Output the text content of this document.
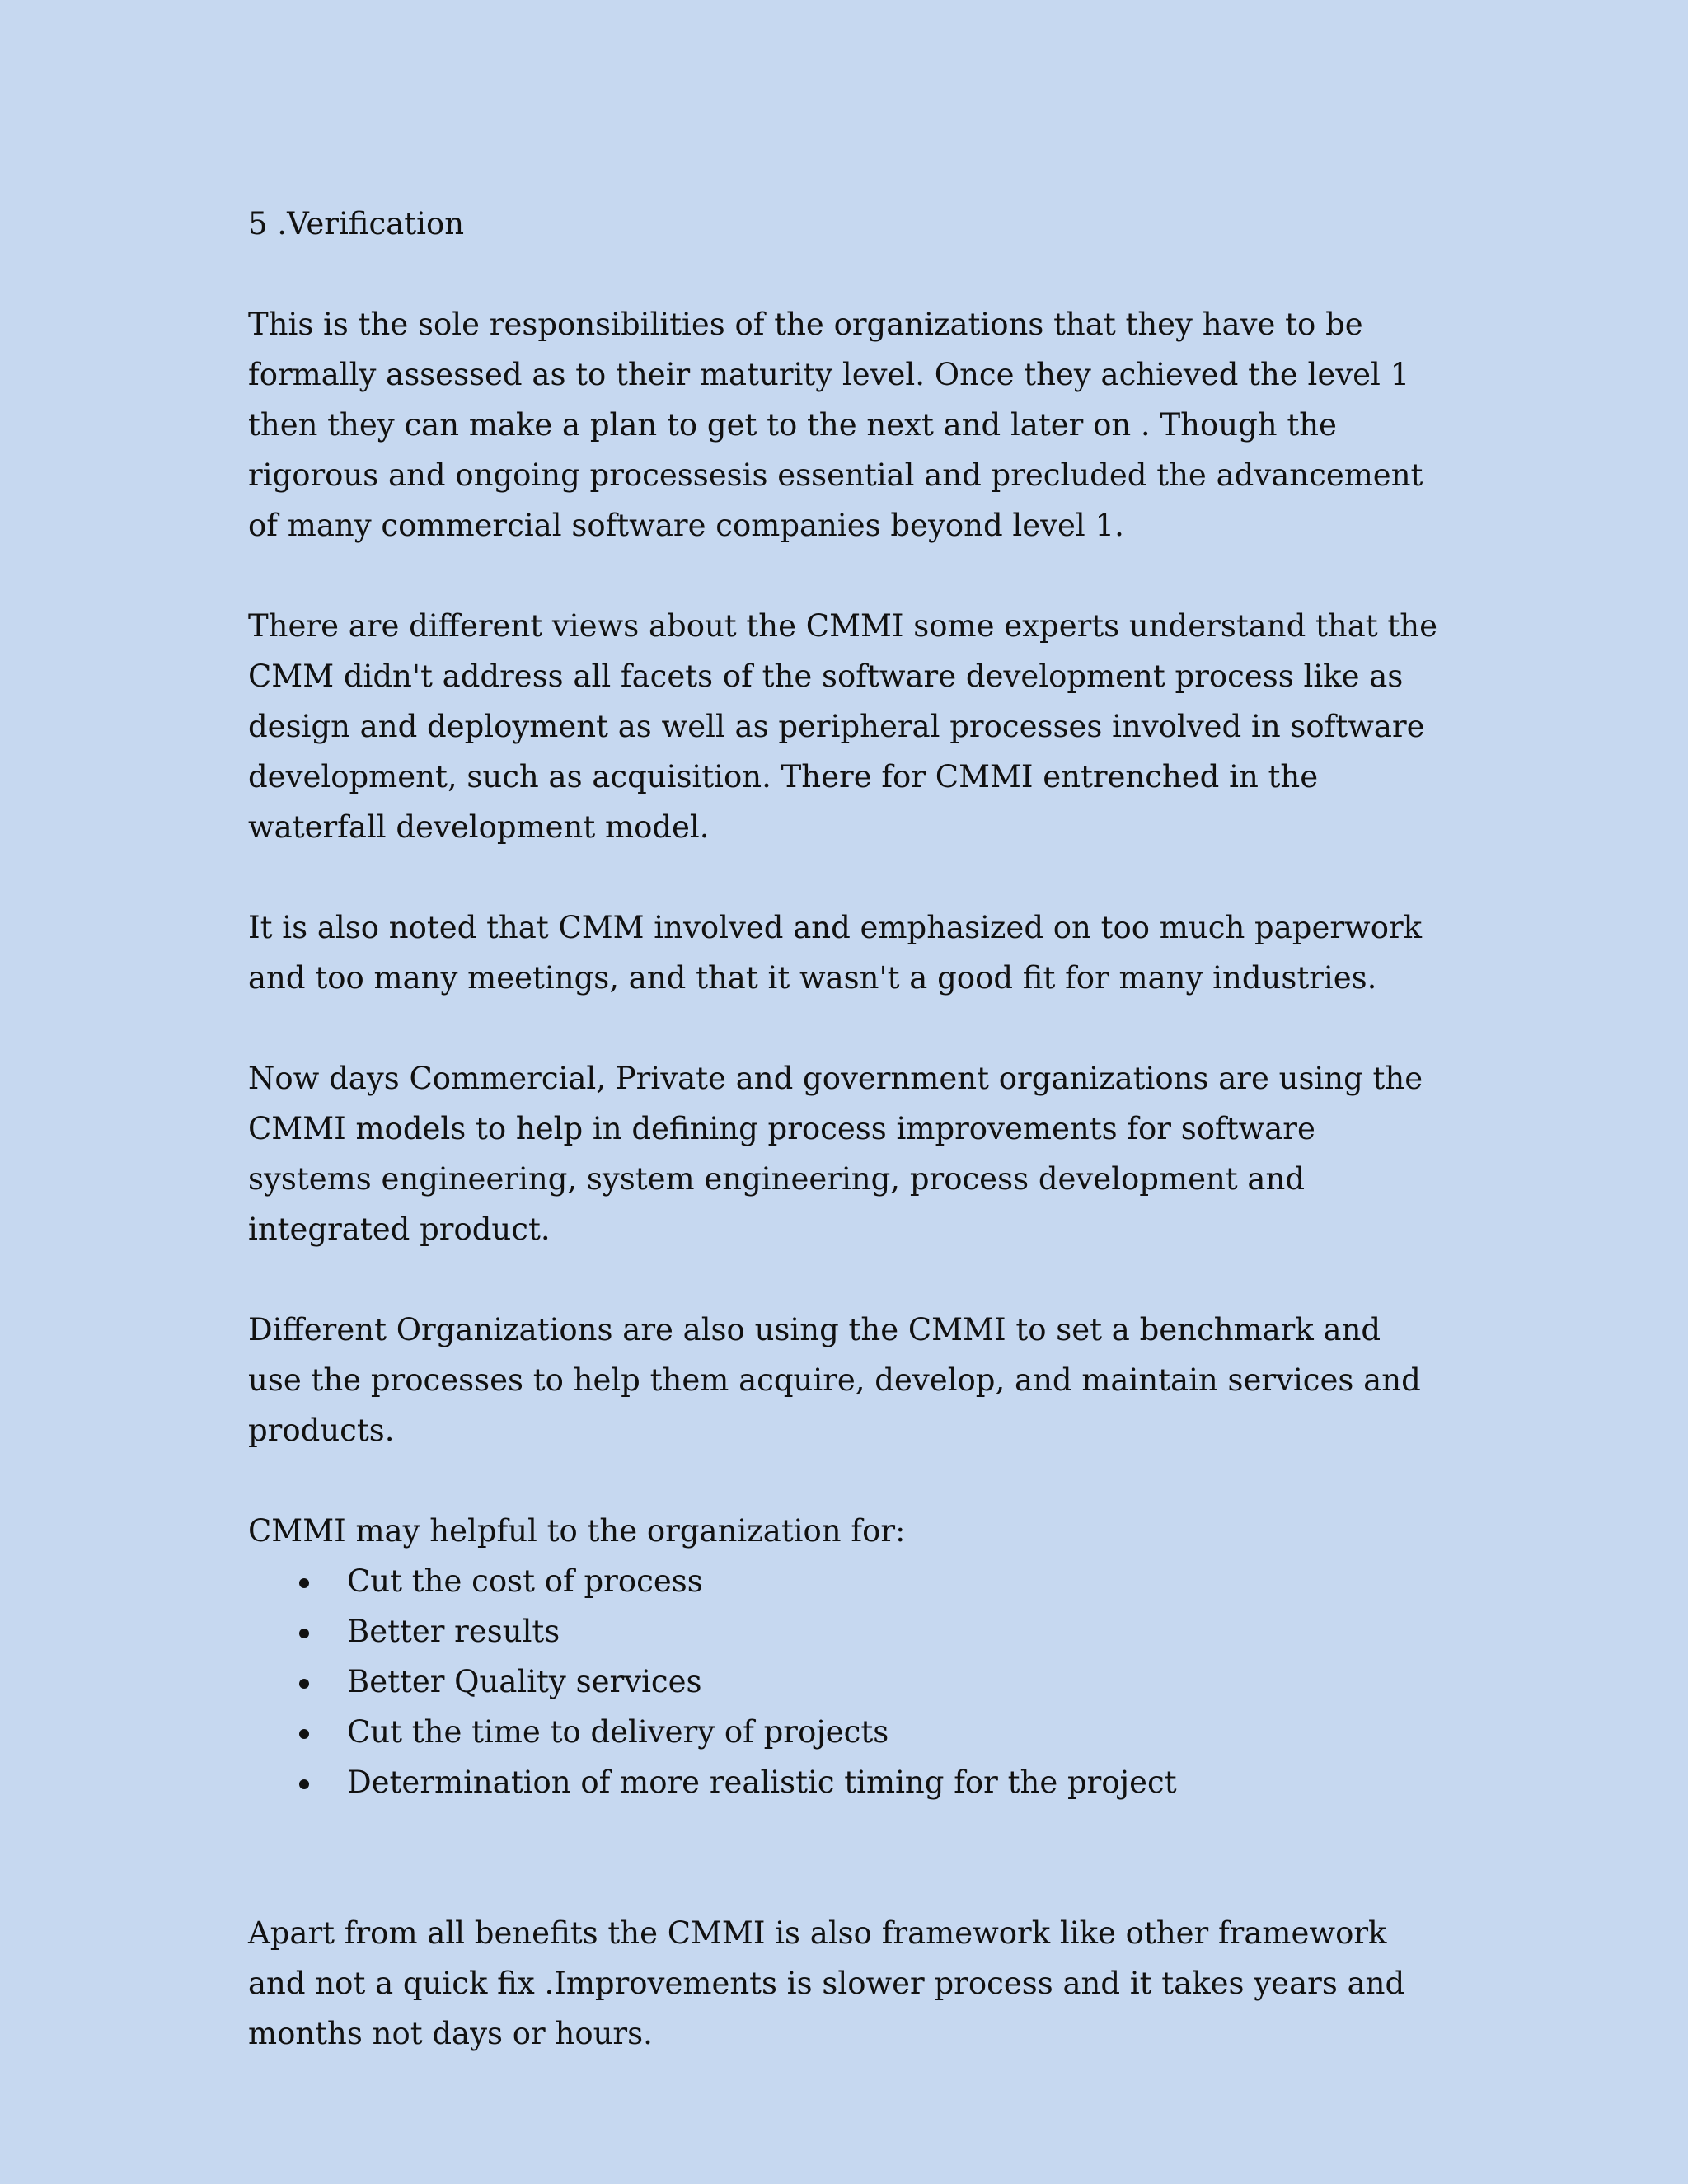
5 .Verification

This is the sole responsibilities of the organizations that they have to be formally assessed as to their maturity level. Once they achieved the level 1 then they can make a plan to get to the next and later on . Though the rigorous and ongoing processesis essential and precluded the advancement of many commercial software companies beyond level 1.

There are different views about the CMMI some experts understand that the CMM didn't address all facets of the software development process like as design and deployment as well as peripheral processes involved in software development, such as acquisition. There for CMMI entrenched in the waterfall development model.

It is also noted that CMM involved and emphasized on too much paperwork and too many meetings, and that it wasn't a good fit for many industries.

Now days Commercial, Private and government organizations are using the CMMI models to help in defining process improvements for software systems engineering, system engineering, process development and integrated product.

Different Organizations are also using the CMMI to set a benchmark and use the processes to help them acquire, develop, and maintain services and products.

CMMI may helpful to the organization for:
Cut the cost of process
Better results
Better Quality services
Cut the time to delivery of projects
Determination of more realistic timing for the project

Apart from all benefits the CMMI is also framework like other framework and not a quick fix .Improvements is slower process and it takes years and months not days or hours.
